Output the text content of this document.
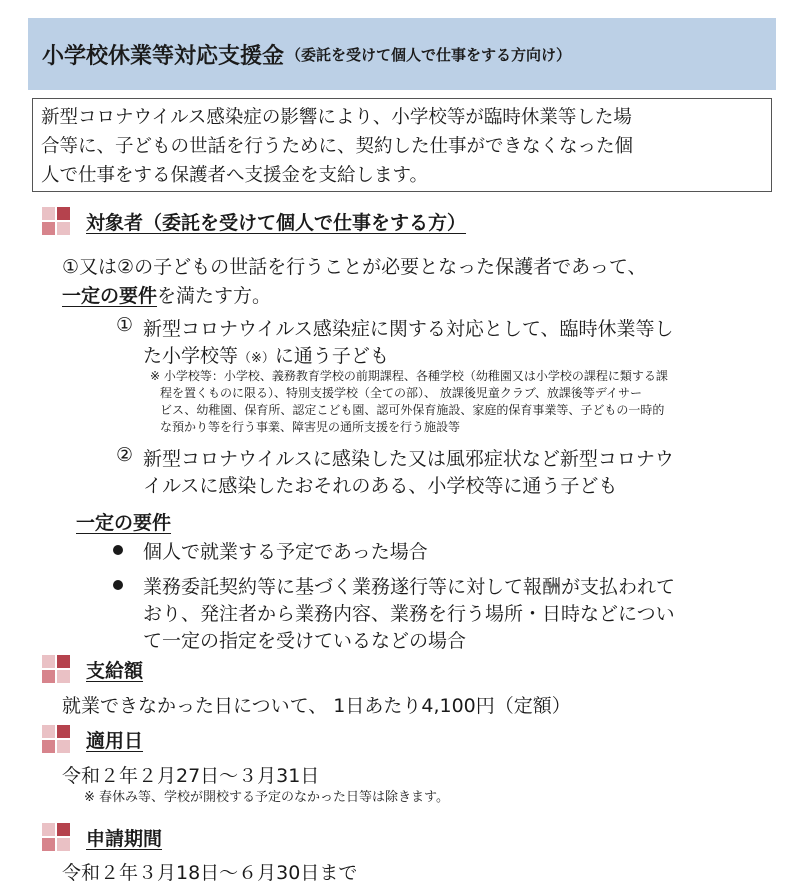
小学校休業等対応支援金 （委託を受けて個人で仕事をする方向け）
新型コロナウイルス感染症の影響により、小学校等が臨時休業等した場
合等に、子どもの世話を行うために、契約した仕事ができなくなった個
人で仕事をする保護者へ支援金を支給します。
対象者（委託を受けて個人で仕事をする方）
①又は②の子どもの世話を行うことが必要となった保護者であって、
一定の要件を満たす方。
① 新型コロナウイルス感染症に関する対応として、臨時休業等し
た小学校等（※）に通う子ども
※ 小学校等：小学校、義務教育学校の前期課程、各種学校（幼稚園又は小学校の課程に類する課
程を置くものに限る）、特別支援学校（全ての部）、 放課後児童クラブ、放課後等デイサー
ビス、幼稚園、保育所、認定こども園、認可外保育施設、家庭的保育事業等、子どもの一時的
な預かり等を行う事業、障害児の通所支援を行う施設等
② 新型コロナウイルスに感染した又は風邪症状など新型コロナウ
イルスに感染したおそれのある、小学校等に通う子ども
一定の要件
個人で就業する予定であった場合
業務委託契約等に基づく業務遂行等に対して報酬が支払われて
おり、発注者から業務内容、業務を行う場所・日時などについ
て一定の指定を受けているなどの場合
支給額
就業できなかった日について、 1日あたり4,100円（定額）
適用日
令和２年２月27日～３月31日
※ 春休み等、学校が開校する予定のなかった日等は除きます。
申請期間
令和２年３月18日～６月30日まで
